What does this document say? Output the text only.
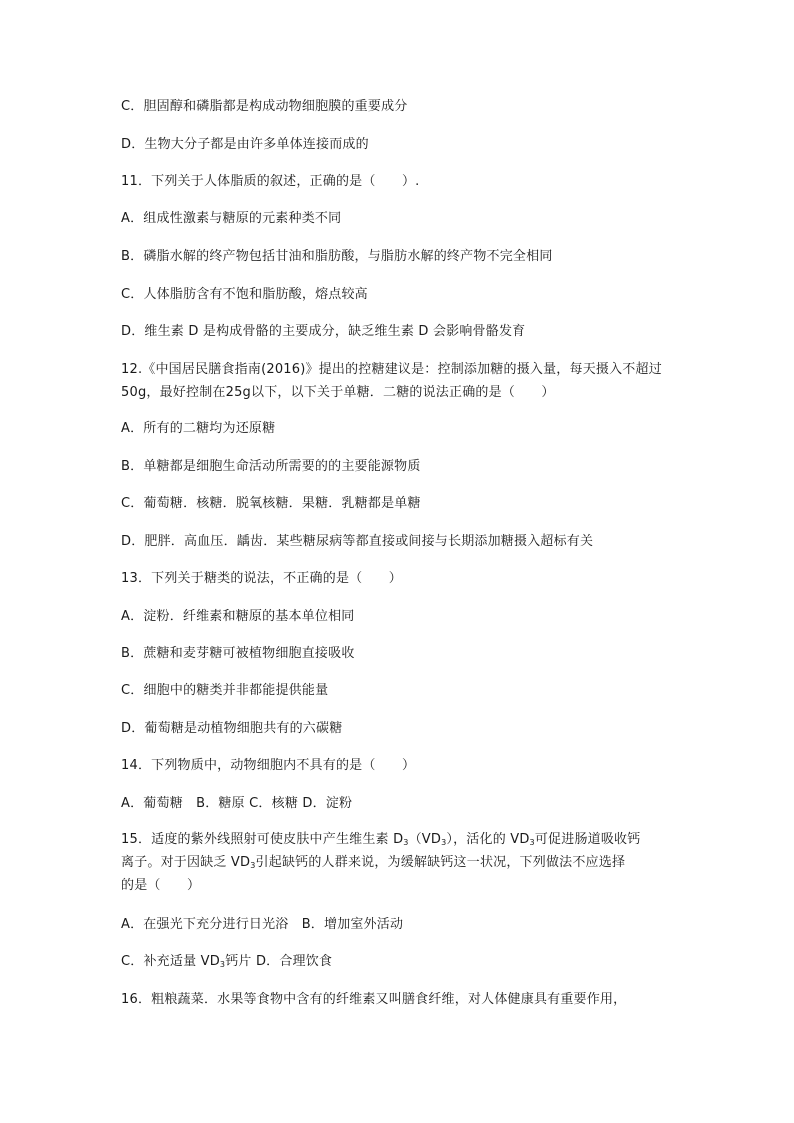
C．胆固醇和磷脂都是构成动物细胞膜的重要成分
D．生物大分子都是由许多单体连接而成的
11．下列关于人体脂质的叙述，正确的是（　　）.
A．组成性激素与糖原的元素种类不同
B．磷脂水解的终产物包括甘油和脂肪酸，与脂肪水解的终产物不完全相同
C．人体脂肪含有不饱和脂肪酸，熔点较高
D．维生素 D 是构成骨骼的主要成分，缺乏维生素 D 会影响骨骼发育
12.《中国居民膳食指南(2016)》提出的控糖建议是：控制添加糖的摄入量，每天摄入不超过50g，最好控制在25g以下，以下关于单糖．二糖的说法正确的是（　　）
A．所有的二糖均为还原糖
B．单糖都是细胞生命活动所需要的的主要能源物质
C．葡萄糖．核糖．脱氧核糖．果糖．乳糖都是单糖
D．肥胖．高血压．龋齿．某些糖尿病等都直接或间接与长期添加糖摄入超标有关
13．下列关于糖类的说法，不正确的是（　　）
A．淀粉．纤维素和糖原的基本单位相同
B．蔗糖和麦芽糖可被植物细胞直接吸收
C．细胞中的糖类并非都能提供能量
D．葡萄糖是动植物细胞共有的六碳糖
14．下列物质中，动物细胞内不具有的是（　　）
A．葡萄糖　B．糖原 C．核糖 D．淀粉
15．适度的紫外线照射可使皮肤中产生维生素 $D_3(VD_3)$，活化的 $VD_3$可促进肠道吸收钙
离子。对于因缺乏 $VD_3$引起缺钙的人群来说，为缓解缺钙这一状况，下列做法不应选择
的是（　　）
A．在强光下充分进行日光浴　B．增加室外活动
C．补充适量 $VD_3$钙片 D．合理饮食
16．粗粮蔬菜．水果等食物中含有的纤维素又叫膳食纤维，对人体健康具有重要作用，
